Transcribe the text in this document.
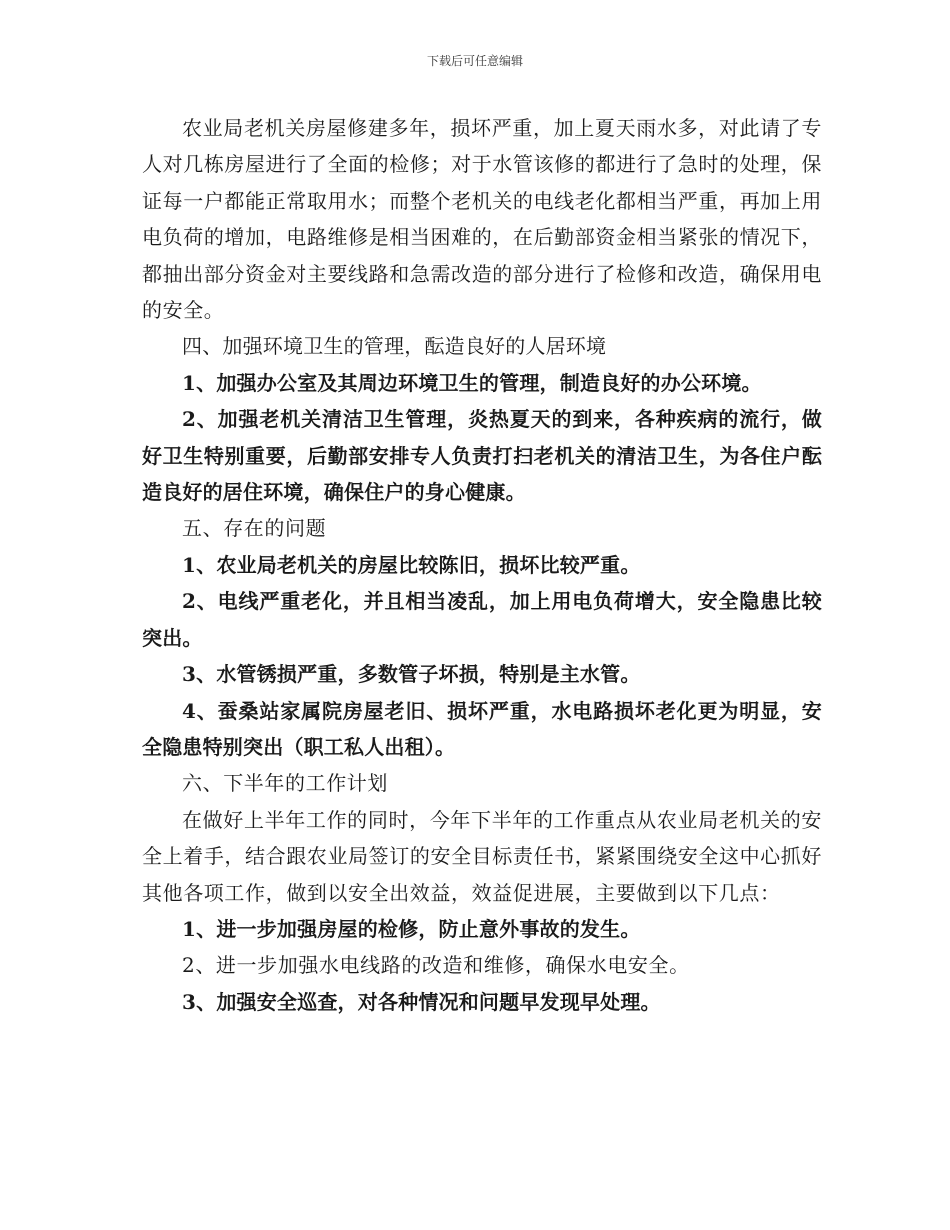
下载后可任意编辑

农业局老机关房屋修建多年，损坏严重，加上夏天雨水多，对此请了专人对几栋房屋进行了全面的检修；对于水管该修的都进行了急时的处理，保证每一户都能正常取用水；而整个老机关的电线老化都相当严重，再加上用电负荷的增加，电路维修是相当困难的，在后勤部资金相当紧张的情况下，都抽出部分资金对主要线路和急需改造的部分进行了检修和改造，确保用电的安全。

四、加强环境卫生的管理，酝造良好的人居环境

1、加强办公室及其周边环境卫生的管理，制造良好的办公环境。

2、加强老机关清洁卫生管理，炎热夏天的到来，各种疾病的流行，做好卫生特别重要，后勤部安排专人负责打扫老机关的清洁卫生，为各住户酝造良好的居住环境，确保住户的身心健康。

五、存在的问题

1、农业局老机关的房屋比较陈旧，损坏比较严重。

2、电线严重老化，并且相当凌乱，加上用电负荷增大，安全隐患比较突出。

3、水管锈损严重，多数管子坏损，特别是主水管。

4、蚕桑站家属院房屋老旧、损坏严重，水电路损坏老化更为明显，安全隐患特别突出（职工私人出租）。

六、下半年的工作计划

在做好上半年工作的同时，今年下半年的工作重点从农业局老机关的安全上着手，结合跟农业局签订的安全目标责任书，紧紧围绕安全这中心抓好其他各项工作，做到以安全出效益，效益促进展，主要做到以下几点：

1、进一步加强房屋的检修，防止意外事故的发生。

2、进一步加强水电线路的改造和维修，确保水电安全。

3、加强安全巡查，对各种情况和问题早发现早处理。
